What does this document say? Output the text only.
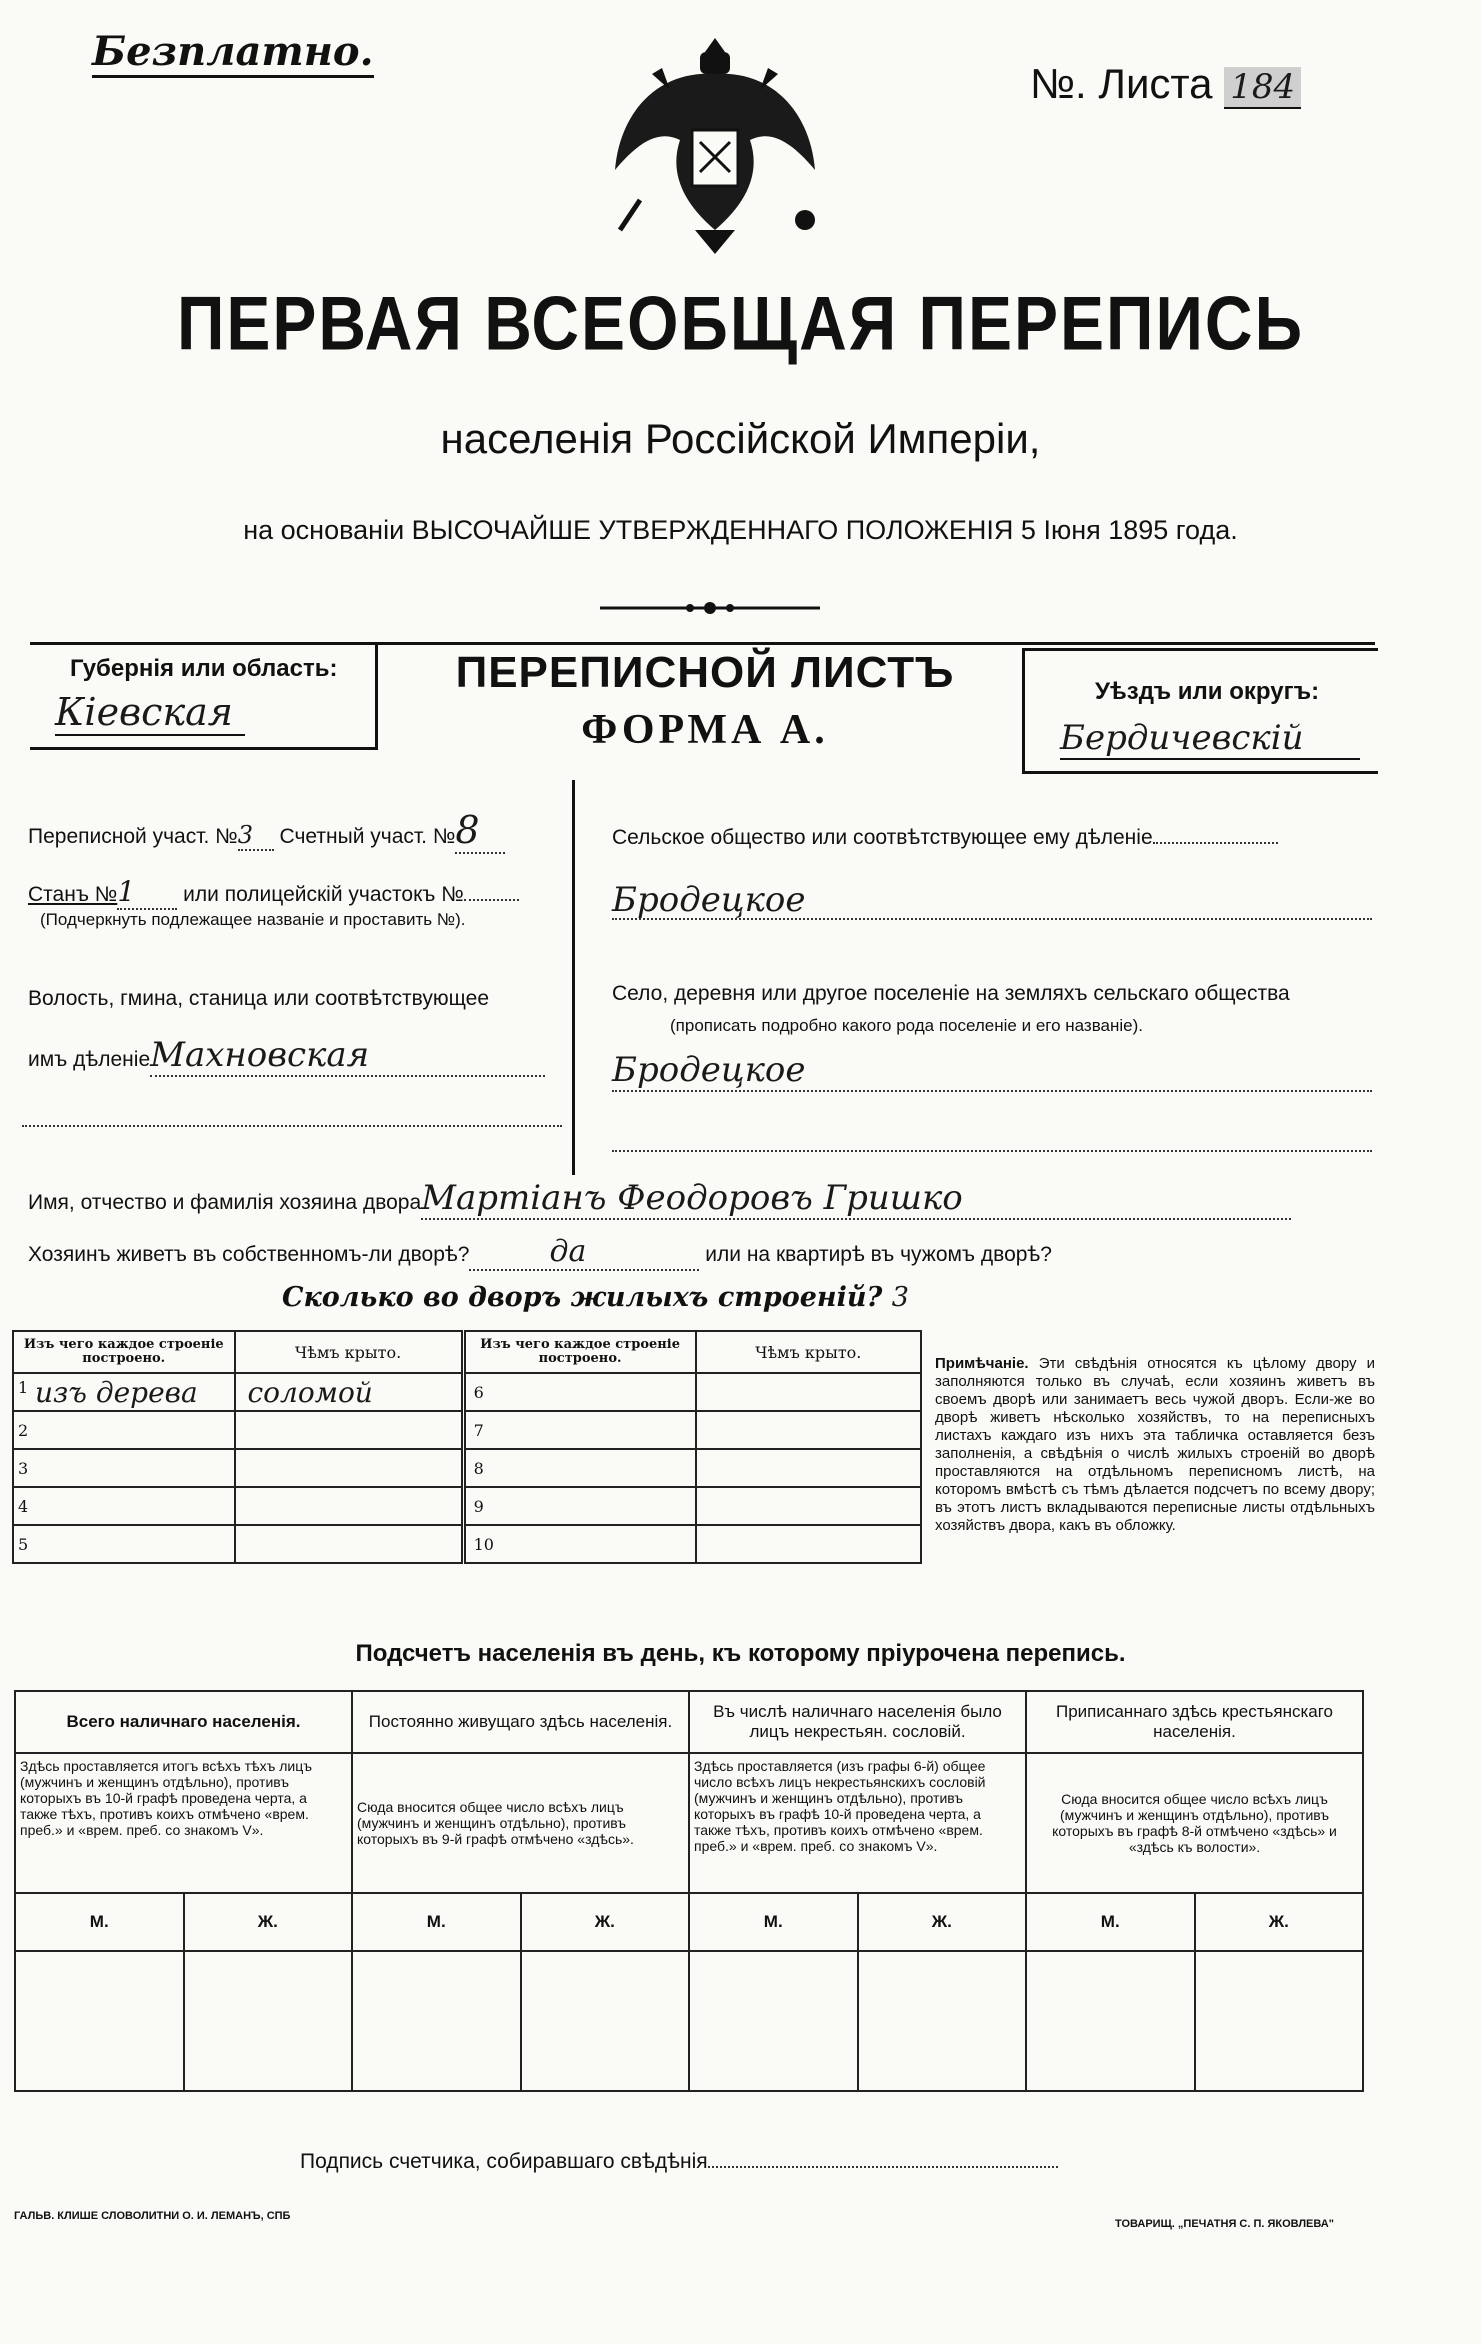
Безплатно.
№. Листа 184
ПЕРВАЯ ВСЕОБЩАЯ ПЕРЕПИСЬ
населенія Россійской Имперіи,
на основаніи ВЫСОЧАЙШЕ УТВЕРЖДЕННАГО ПОЛОЖЕНІЯ 5 Іюня 1895 года.
Губернія или область:
Кіевская
ПЕРЕПИСНОЙ ЛИСТЪ
ФОРМА А.
Уѣздъ или округъ:
Бердичевскій
Переписной участ. №3 Счетный участ. №8
Станъ №1 или полицейскій участокъ №
(Подчеркнуть подлежащее названіе и проставить №).
Волость, гмина, станица или соотвѣтствующее
имъ дѣленіеМахновская
Сельское общество или соотвѣтствующее ему дѣленіе
Бродецкое
Село, деревня или другое поселеніе на земляхъ сельскаго общества
(прописать подробно какого рода поселеніе и его названіе).
Бродецкое
Имя, отчество и фамилія хозяина двораМартіанъ Феодоровъ Гришко
Хозяинъ живетъ въ собственномъ-ли дворѣ?	да	или на квартирѣ въ чужомъ дворѣ?
Сколько во дворъ жилыхъ строеній? 3
Изъ чего каждое строеніе построено.	Чѣмъ крыто.	Изъ чего каждое строеніе построено.	Чѣмъ крыто.

1 изъ дерева	соломой	6	
2		7	
3		8	
4		9	
5		10	
Примѣчаніе. Эти свѣдѣнія относятся къ цѣлому двору и заполняются только въ случаѣ, если хозяинъ живетъ въ своемъ дворѣ или занимаетъ весь чужой дворъ. Если-же во дворѣ живетъ нѣсколько хозяйствъ, то на переписныхъ листахъ каждаго изъ нихъ эта табличка оставляется безъ заполненія, а свѣдѣнія о числѣ жилыхъ строеній во дворѣ проставляются на отдѣльномъ переписномъ листѣ, на которомъ вмѣстѣ съ тѣмъ дѣлается подсчетъ по всему двору; въ этотъ листъ вкладываются переписные листы отдѣльныхъ хозяйствъ двора, какъ въ обложку.
Подсчетъ населенія въ день, къ которому пріурочена перепись.
Всего наличнаго населенія.		Постоянно живущаго здѣсь населенія.		Въ числѣ наличнаго населенія было лицъ некрестьян. сословій.		Приписаннаго здѣсь крестьянскаго населенія.	
Здѣсь проставляется итогъ всѣхъ тѣхъ лицъ (мужчинъ и женщинъ отдѣльно), противъ которыхъ въ 10-й графѣ проведена черта, а также тѣхъ, противъ коихъ отмѣчено «врем. преб.» и «врем. преб. со знакомъ V».		Сюда вносится общее число всѣхъ лицъ (мужчинъ и женщинъ отдѣльно), противъ которыхъ въ 9-й графѣ отмѣчено «здѣсь».		Здѣсь проставляется (изъ графы 6-й) общее число всѣхъ лицъ некрестьянскихъ сословій (мужчинъ и женщинъ отдѣльно), противъ которыхъ въ графѣ 10-й проведена черта, а также тѣхъ, противъ коихъ отмѣчено «врем. преб.» и «врем. преб. со знакомъ V».		Сюда вносится общее число всѣхъ лицъ (мужчинъ и женщинъ отдѣльно), противъ которыхъ въ графѣ 8-й отмѣчено «здѣсь» и «здѣсь къ волости».	
М.	Ж.	М.	Ж.	М.	Ж.	М.	Ж.

Подпись счетчика, собиравшаго свѣдѣнія
ГАЛЬВ. КЛИШЕ СЛОВОЛИТНИ О. И. ЛЕМАНЪ, СПБ
ТОВАРИЩ. „ПЕЧАТНЯ С. П. ЯКОВЛЕВА"
